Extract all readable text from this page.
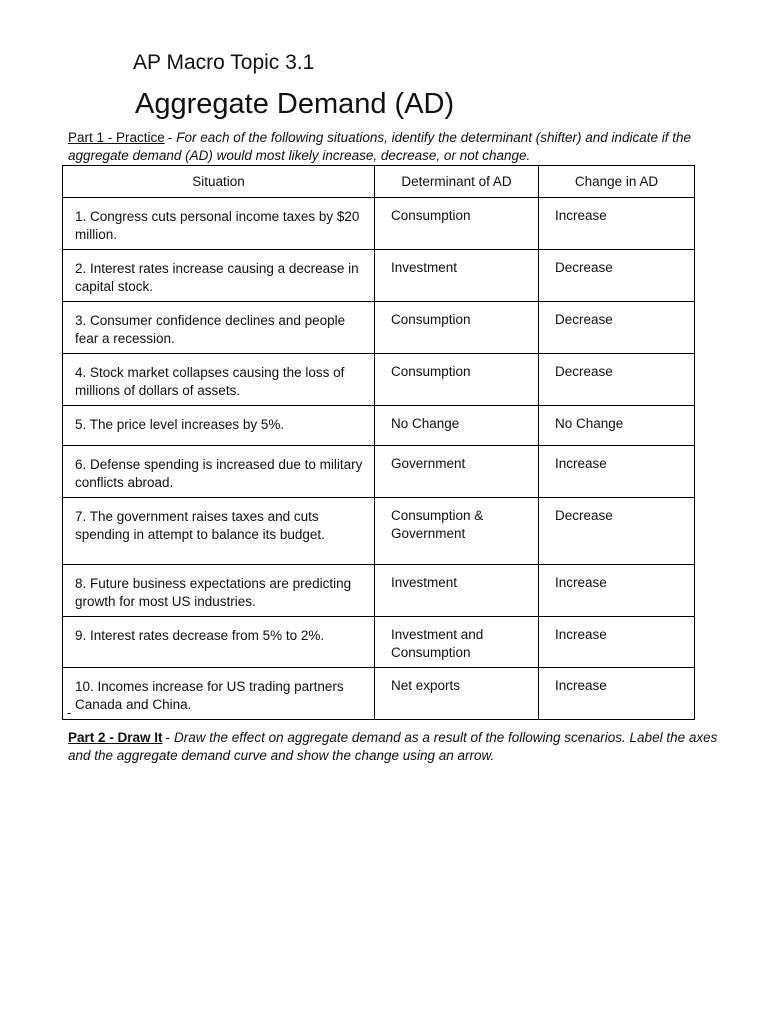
AP Macro Topic 3.1
Aggregate Demand (AD)
Part 1 - Practice - For each of the following situations, identify the determinant (shifter) and indicate if the aggregate demand (AD) would most likely increase, decrease, or not change.
Situation	Determinant of AD	Change in AD
1. Congress cuts personal income taxes by $20 million.	Consumption	Increase
2. Interest rates increase causing a decrease in capital stock.	Investment	Decrease
3. Consumer confidence declines and people fear a recession.	Consumption	Decrease
4. Stock market collapses causing the loss of millions of dollars of assets.	Consumption	Decrease
5. The price level increases by 5%.	No Change	No Change
6. Defense spending is increased due to military conflicts abroad.	Government	Increase
7. The government raises taxes and cuts spending in attempt to balance its budget.	Consumption & Government	Decrease
8. Future business expectations are predicting growth for most US industries.	Investment	Increase
9. Interest rates decrease from 5% to 2%.	Investment and Consumption	Increase
10. Incomes increase for US trading partners Canada and China.	Net exports	Increase
-
Part 2 - Draw It - Draw the effect on aggregate demand as a result of the following scenarios. Label the axes and the aggregate demand curve and show the change using an arrow.
